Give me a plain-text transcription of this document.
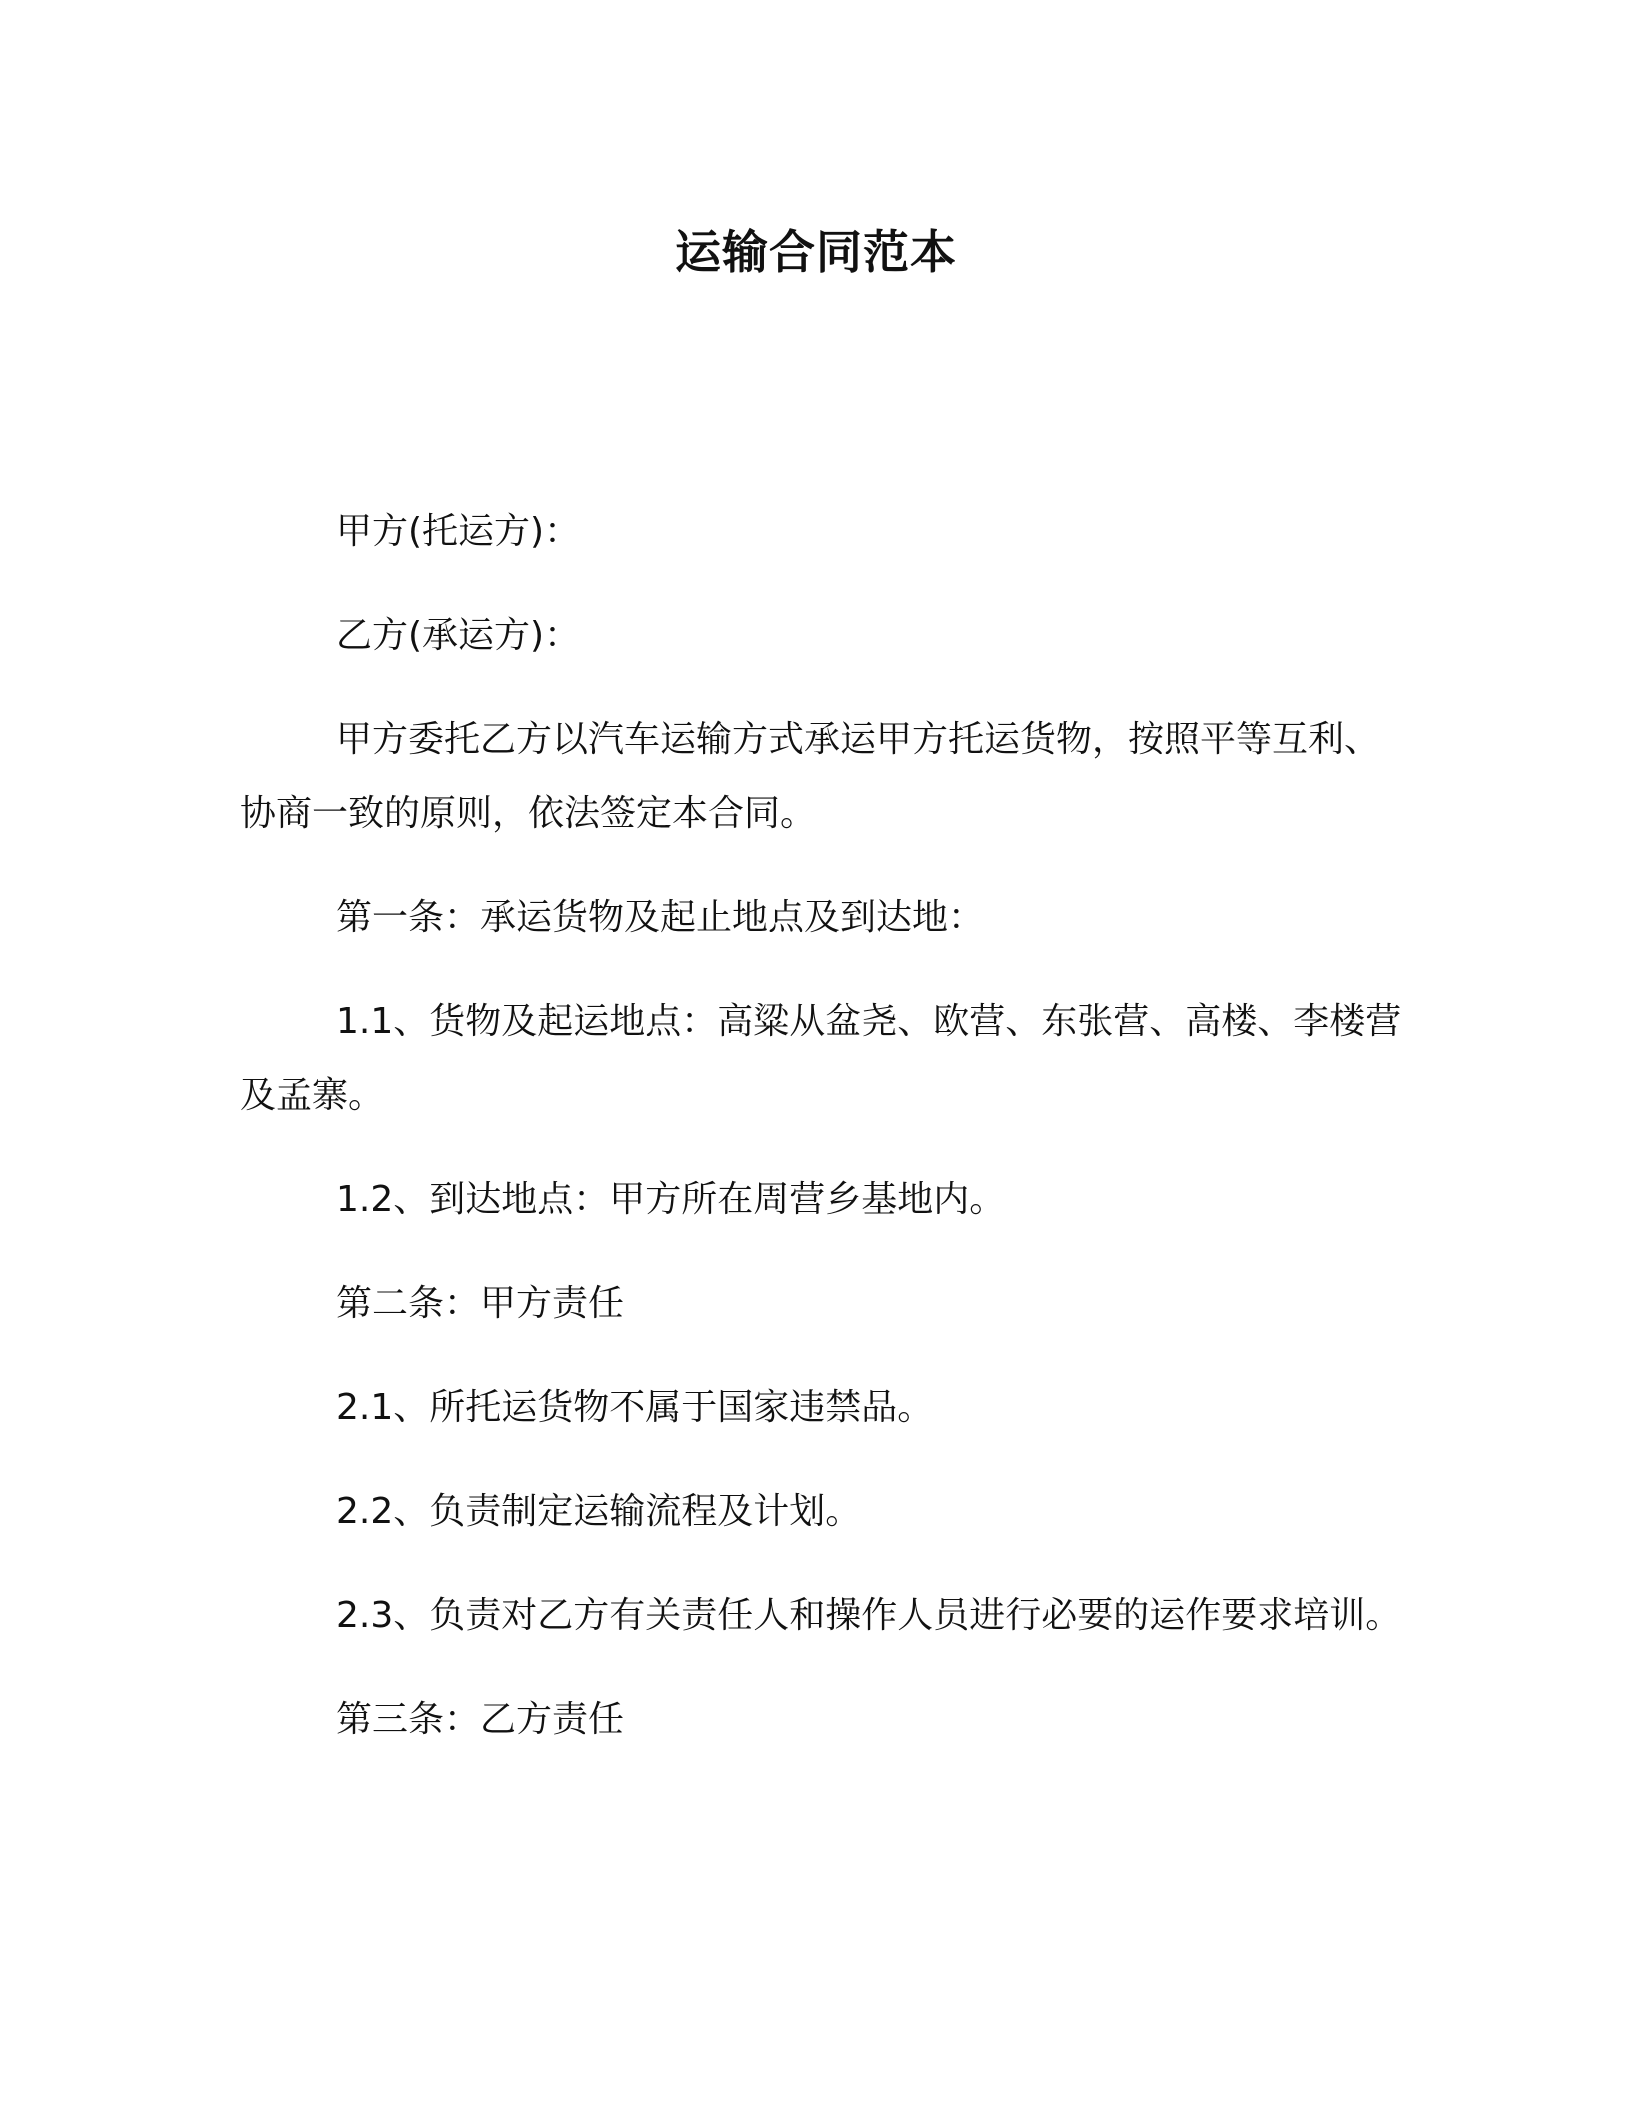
运输合同范本

甲方(托运方)：

乙方(承运方)：

甲方委托乙方以汽车运输方式承运甲方托运货物，按照平等互利、协商一致的原则，依法签定本合同。

第一条：承运货物及起止地点及到达地：

1.1、货物及起运地点：高粱从盆尧、欧营、东张营、高楼、李楼营及孟寨。

1.2、到达地点：甲方所在周营乡基地内。

第二条：甲方责任

2.1、所托运货物不属于国家违禁品。

2.2、负责制定运输流程及计划。

2.3、负责对乙方有关责任人和操作人员进行必要的运作要求培训。

第三条：乙方责任
